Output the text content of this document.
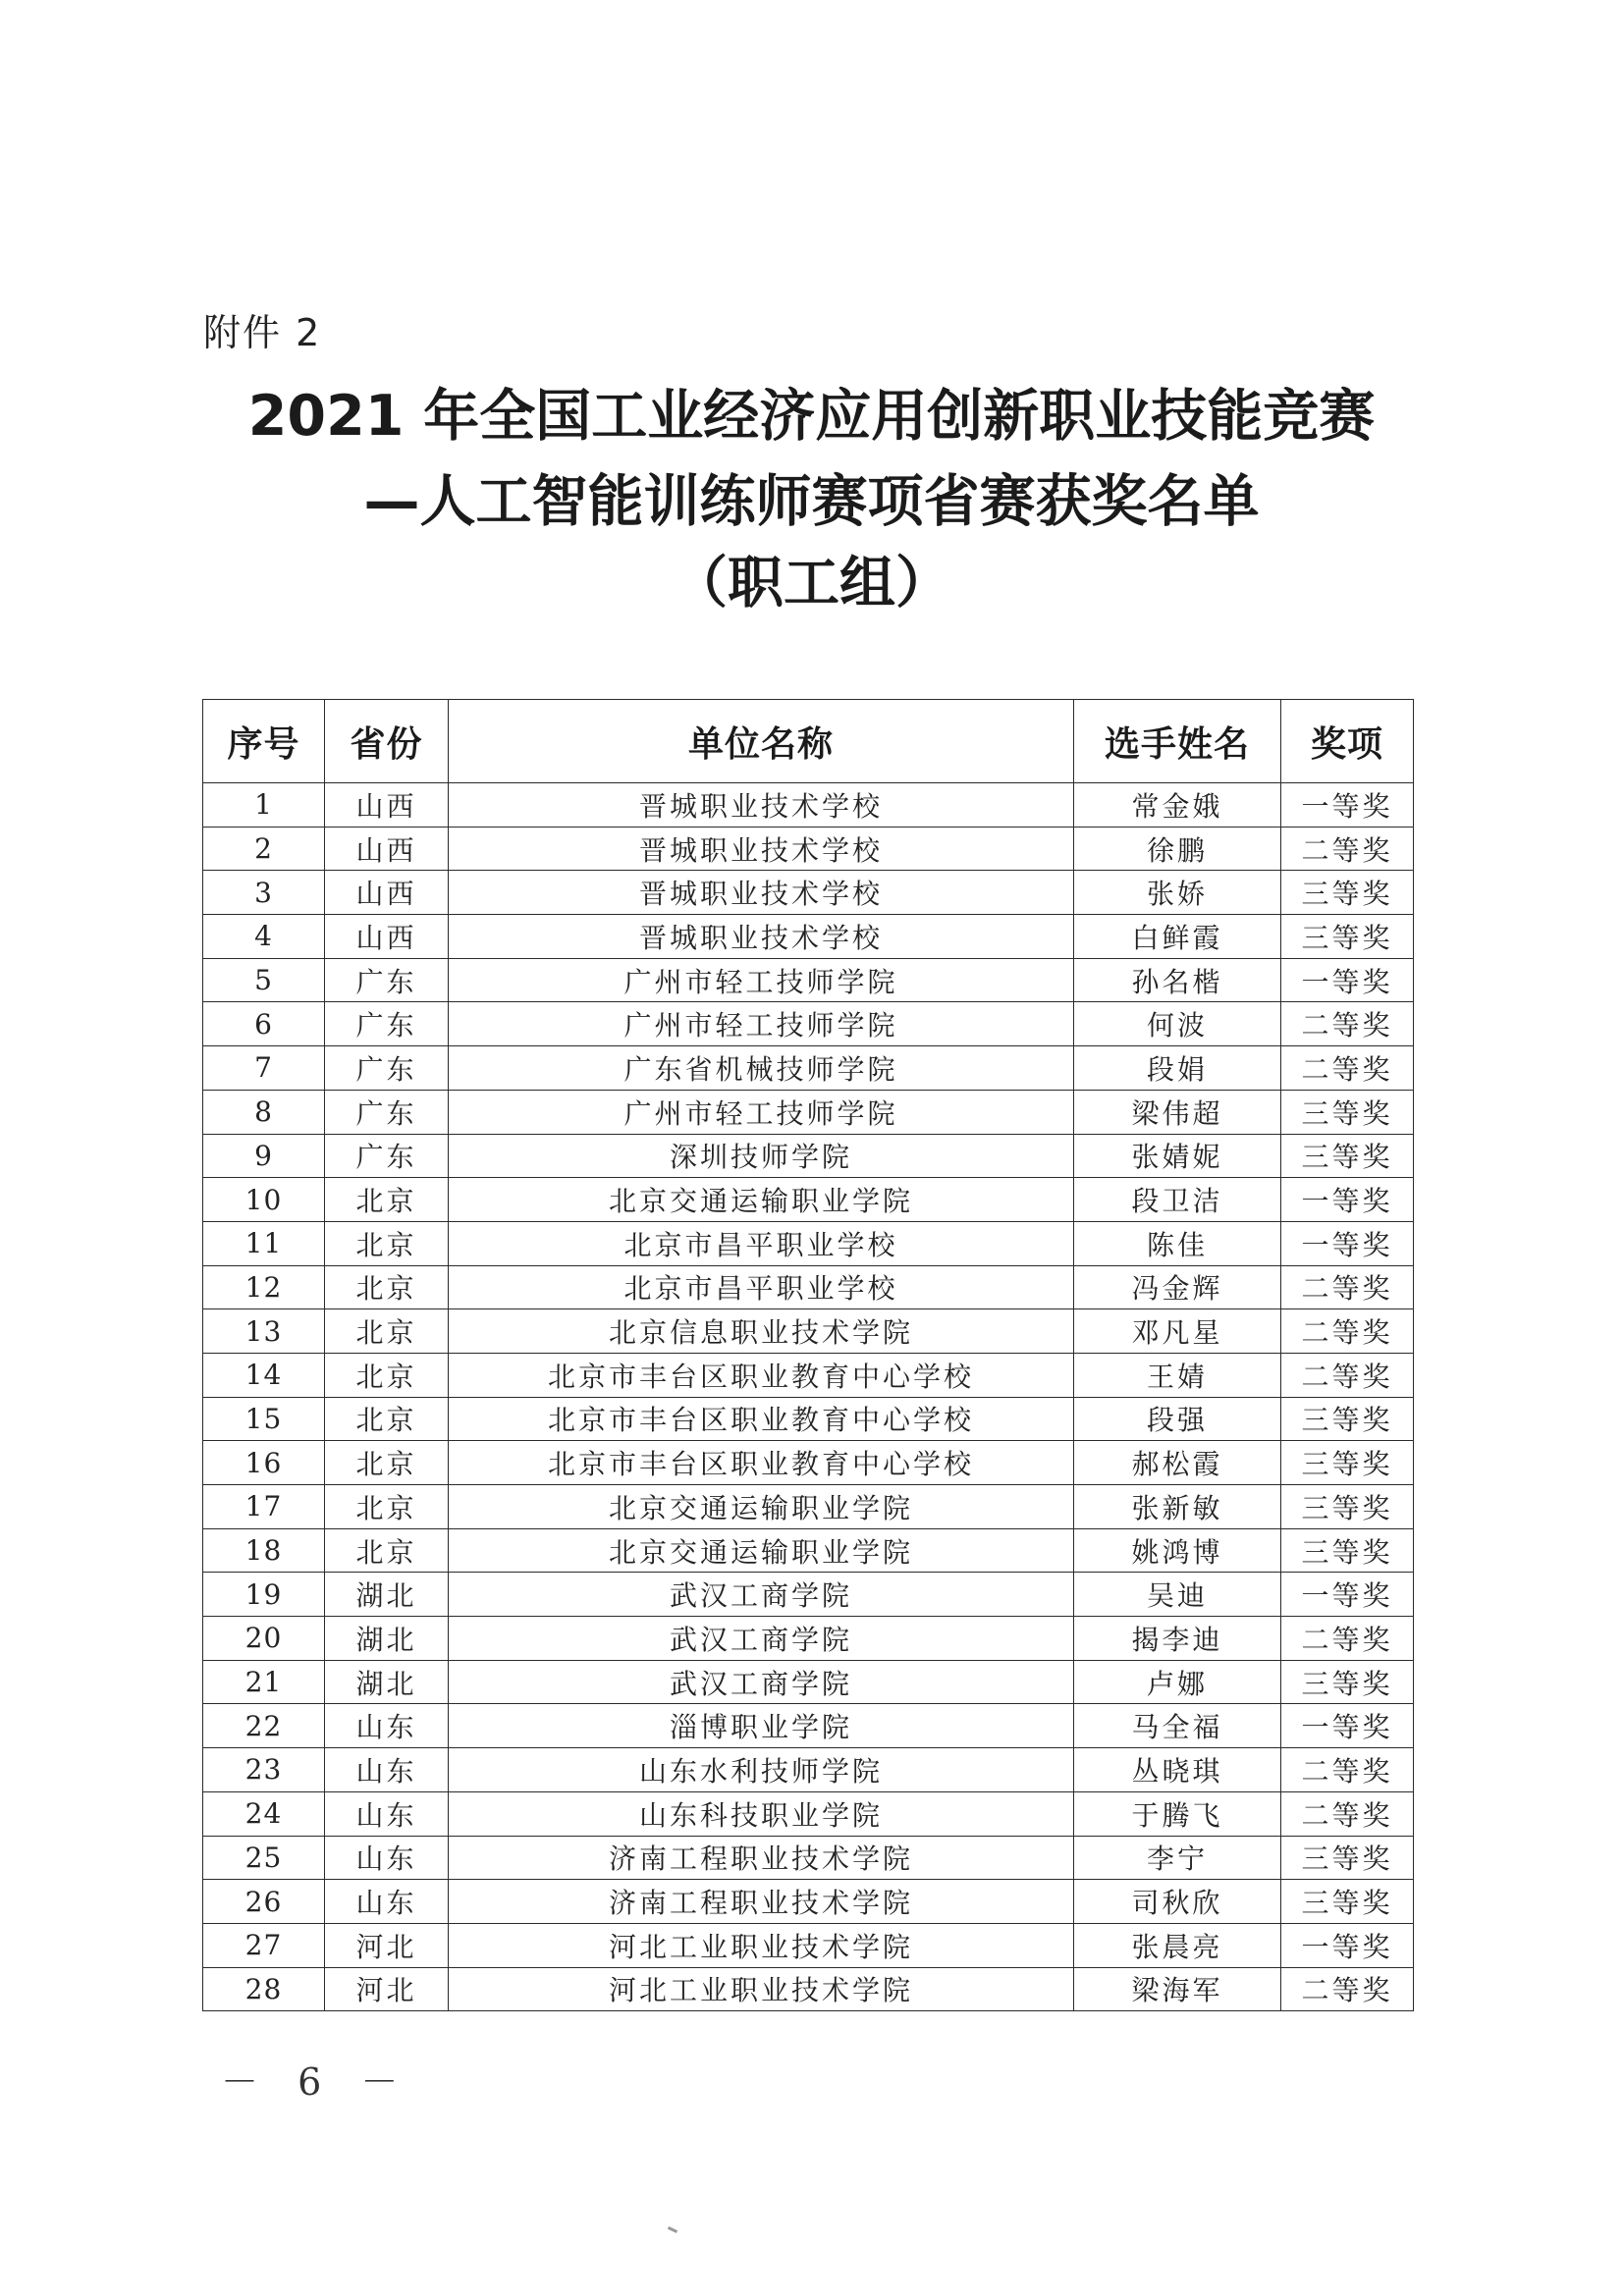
附件 2
2021 年全国工业经济应用创新职业技能竞赛
—人工智能训练师赛项省赛获奖名单
（职工组）
序号	省份	单位名称	选手姓名	奖项
1	山西	晋城职业技术学校	常金娥	一等奖
2	山西	晋城职业技术学校	徐鹏	二等奖
3	山西	晋城职业技术学校	张娇	三等奖
4	山西	晋城职业技术学校	白鲜霞	三等奖
5	广东	广州市轻工技师学院	孙名楷	一等奖
6	广东	广州市轻工技师学院	何波	二等奖
7	广东	广东省机械技师学院	段娟	二等奖
8	广东	广州市轻工技师学院	梁伟超	三等奖
9	广东	深圳技师学院	张婧妮	三等奖
10	北京	北京交通运输职业学院	段卫洁	一等奖
11	北京	北京市昌平职业学校	陈佳	一等奖
12	北京	北京市昌平职业学校	冯金辉	二等奖
13	北京	北京信息职业技术学院	邓凡星	二等奖
14	北京	北京市丰台区职业教育中心学校	王婧	二等奖
15	北京	北京市丰台区职业教育中心学校	段强	三等奖
16	北京	北京市丰台区职业教育中心学校	郝松霞	三等奖
17	北京	北京交通运输职业学院	张新敏	三等奖
18	北京	北京交通运输职业学院	姚鸿博	三等奖
19	湖北	武汉工商学院	吴迪	一等奖
20	湖北	武汉工商学院	揭李迪	二等奖
21	湖北	武汉工商学院	卢娜	三等奖
22	山东	淄博职业学院	马全福	一等奖
23	山东	山东水利技师学院	丛晓琪	二等奖
24	山东	山东科技职业学院	于腾飞	二等奖
25	山东	济南工程职业技术学院	李宁	三等奖
26	山东	济南工程职业技术学院	司秋欣	三等奖
27	河北	河北工业职业技术学院	张晨亮	一等奖
28	河北	河北工业职业技术学院	梁海军	二等奖
－ 6 －
